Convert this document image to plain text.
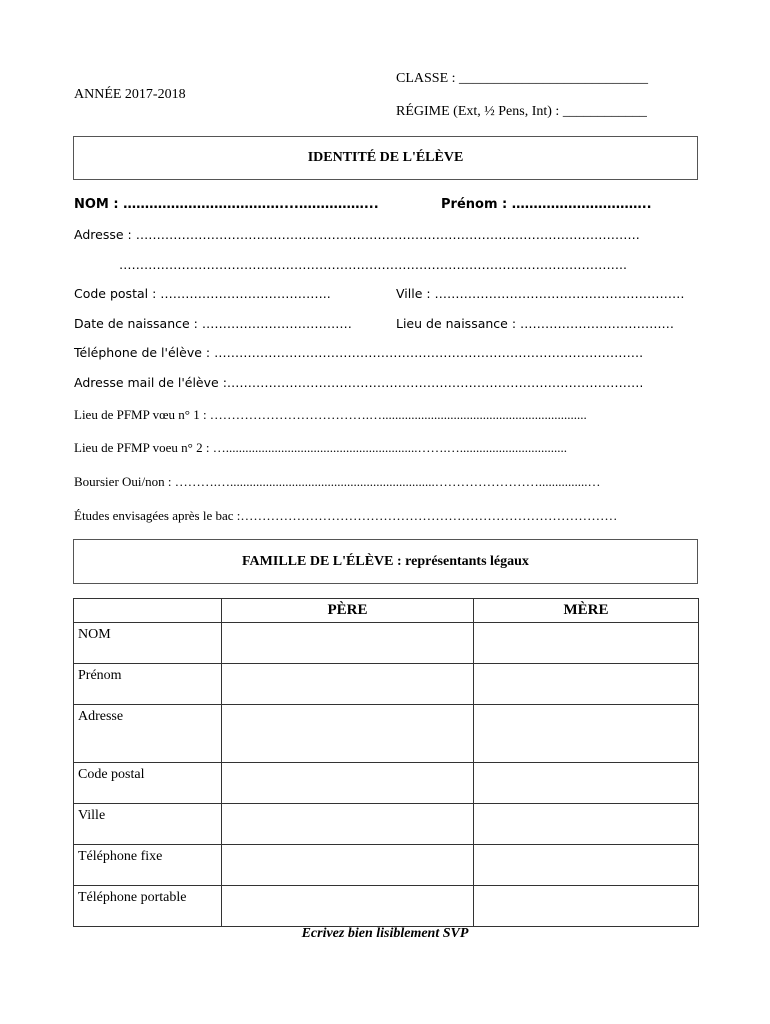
ANNÉE 2017-2018
CLASSE : ___________________________
RÉGIME (Ext, ½ Pens, Int) : ____________
IDENTITÉ DE L'ÉLÈVE
NOM : ………………………………....……………...	Prénom : …………………………..
Adresse : ………………………………………………………………………………………………………….
…………………………………………………………………………………………………………..
Code postal : …………………………………..	Ville : ……………………………………………………
Date de naissance : ………………………………	Lieu de naissance : …………………………….…
Téléphone de l'élève : ………………………………………………………………………………………….
Adresse mail de l'élève :……………………………………………………………………………………….
Lieu de PFMP vœu n° 1 : ……………………………….…...............................................................
Lieu de PFMP voeu n° 2 : …...........................................................…….….................................
Boursier Oui/non : ……….…...............................................................……………………...............…
Études envisagées après le bac :……………………………………………………………………………
FAMILLE DE L'ÉLÈVE : représentants légaux
	PÈRE	MÈRE
NOM		
Prénom		
Adresse		
Code postal		
Ville		
Téléphone fixe		
Téléphone portable		
Ecrivez bien lisiblement SVP
